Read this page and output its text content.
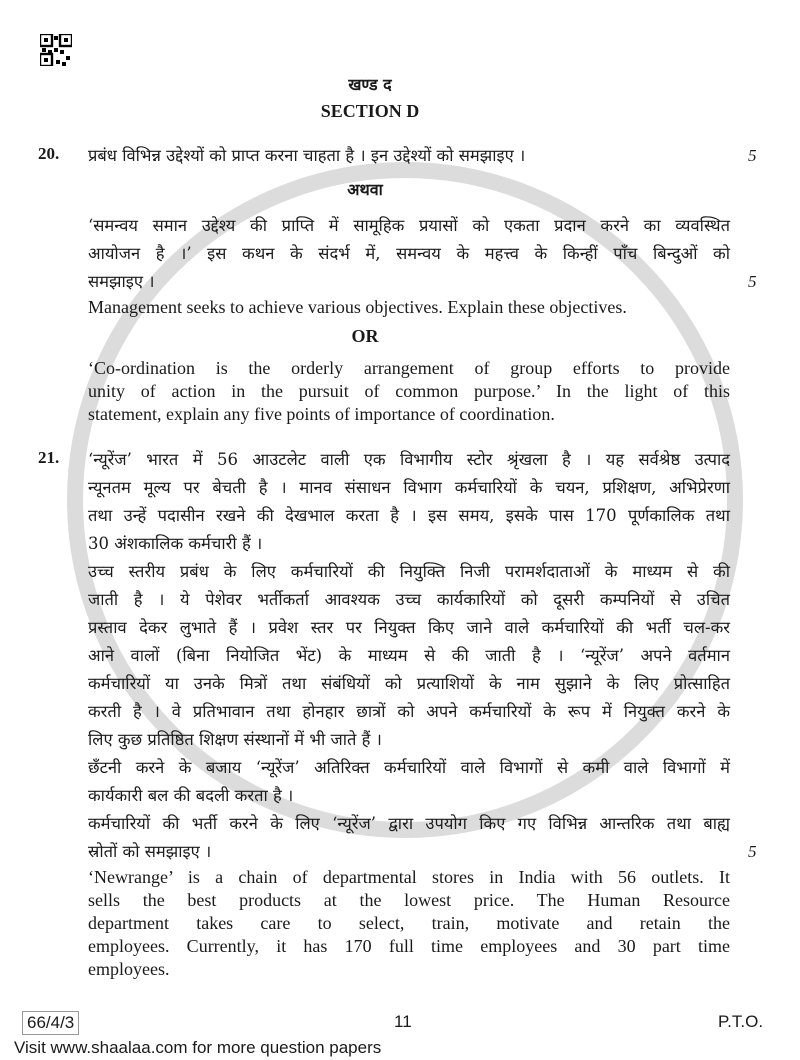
खण्ड द
SECTION D
20. प्रबंध विभिन्न उद्देश्यों को प्राप्त करना चाहता है । इन उद्देश्यों को समझाइए ।	5
अथवा
‘समन्वय समान उद्देश्य की प्राप्ति में सामूहिक प्रयासों को एकता प्रदान करने का व्यवस्थित
आयोजन है ।’ इस कथन के संदर्भ में, समन्वय के महत्त्व के किन्हीं पाँच बिन्दुओं को
समझाइए ।	5
Management seeks to achieve various objectives. Explain these objectives.
OR
‘Co-ordination is the orderly arrangement of group efforts to provide
unity of action in the pursuit of common purpose.’ In the light of this
statement, explain any five points of importance of coordination.
21. ‘न्यूरेंज’ भारत में 56 आउटलेट वाली एक विभागीय स्टोर श्रृंखला है । यह सर्वश्रेष्ठ उत्पाद
न्यूनतम मूल्य पर बेचती है । मानव संसाधन विभाग कर्मचारियों के चयन, प्रशिक्षण, अभिप्रेरणा
तथा उन्हें पदासीन रखने की देखभाल करता है । इस समय, इसके पास 170 पूर्णकालिक तथा
30 अंशकालिक कर्मचारी हैं ।
उच्च स्तरीय प्रबंध के लिए कर्मचारियों की नियुक्ति निजी परामर्शदाताओं के माध्यम से की
जाती है । ये पेशेवर भर्तीकर्ता आवश्यक उच्च कार्यकारियों को दूसरी कम्पनियों से उचित
प्रस्ताव देकर लुभाते हैं । प्रवेश स्तर पर नियुक्त किए जाने वाले कर्मचारियों की भर्ती चल-कर
आने वालों (बिना नियोजित भेंट) के माध्यम से की जाती है । ‘न्यूरेंज’ अपने वर्तमान
कर्मचारियों या उनके मित्रों तथा संबंधियों को प्रत्याशियों के नाम सुझाने के लिए प्रोत्साहित
करती है । वे प्रतिभावान तथा होनहार छात्रों को अपने कर्मचारियों के रूप में नियुक्त करने के
लिए कुछ प्रतिष्ठित शिक्षण संस्थानों में भी जाते हैं ।
छँटनी करने के बजाय ‘न्यूरेंज’ अतिरिक्त कर्मचारियों वाले विभागों से कमी वाले विभागों में
कार्यकारी बल की बदली करता है ।
कर्मचारियों की भर्ती करने के लिए ‘न्यूरेंज’ द्वारा उपयोग किए गए विभिन्न आन्तरिक तथा बाह्य
स्रोतों को समझाइए ।	5
‘Newrange’ is a chain of departmental stores in India with 56 outlets. It
sells the best products at the lowest price. The Human Resource
department takes care to select, train, motivate and retain the
employees. Currently, it has 170 full time employees and 30 part time
employees.
66/4/3	11	P.T.O.
Visit www.shaalaa.com for more question papers
